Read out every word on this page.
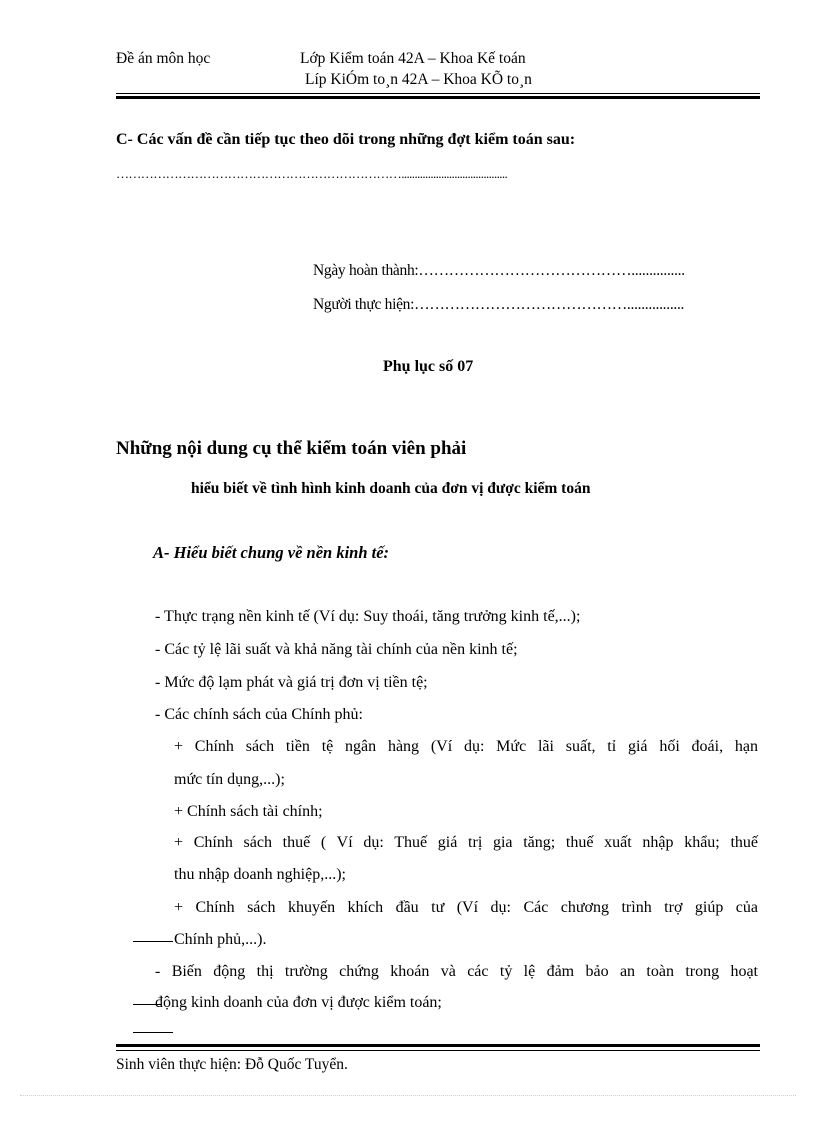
Đề án môn học	Lớp Kiểm toán 42A – Khoa Kế toán
Líp KiÓm to¸n 42A – Khoa KÕ to¸n
C- Các vấn đề cần tiếp tục theo dõi trong những đợt kiểm toán sau:
……………………………………………………………........................................
Ngày hoàn thành:……………………………………...............
Người thực hiện:……………………………………................
Phụ lục số 07
Những nội dung cụ thể kiểm toán viên phải
hiểu biết về tình hình kinh doanh của đơn vị được kiểm toán
A- Hiểu biết chung về nền kinh tế:
- Thực trạng nền kinh tế (Ví dụ: Suy thoái, tăng trưởng kinh tế,...);
- Các tỷ lệ lãi suất và khả năng tài chính của nền kinh tế;
- Mức độ lạm phát và giá trị đơn vị tiền tệ;
- Các chính sách của Chính phủ:
+ Chính sách tiền tệ ngân hàng (Ví dụ: Mức lãi suất, tỉ giá hối đoái, hạn
mức tín dụng,...);
+ Chính sách tài chính;
+ Chính sách thuế ( Ví dụ: Thuế giá trị gia tăng; thuế xuất nhập khẩu; thuế
thu nhập doanh nghiệp,...);
+ Chính sách khuyến khích đầu tư (Ví dụ: Các chương trình trợ giúp của
Chính phủ,...).
- Biến động thị trường chứng khoán và các tỷ lệ đảm bảo an toàn trong hoạt
động kinh doanh của đơn vị được kiểm toán;
Sinh viên thực hiện: Đỗ Quốc Tuyển.
